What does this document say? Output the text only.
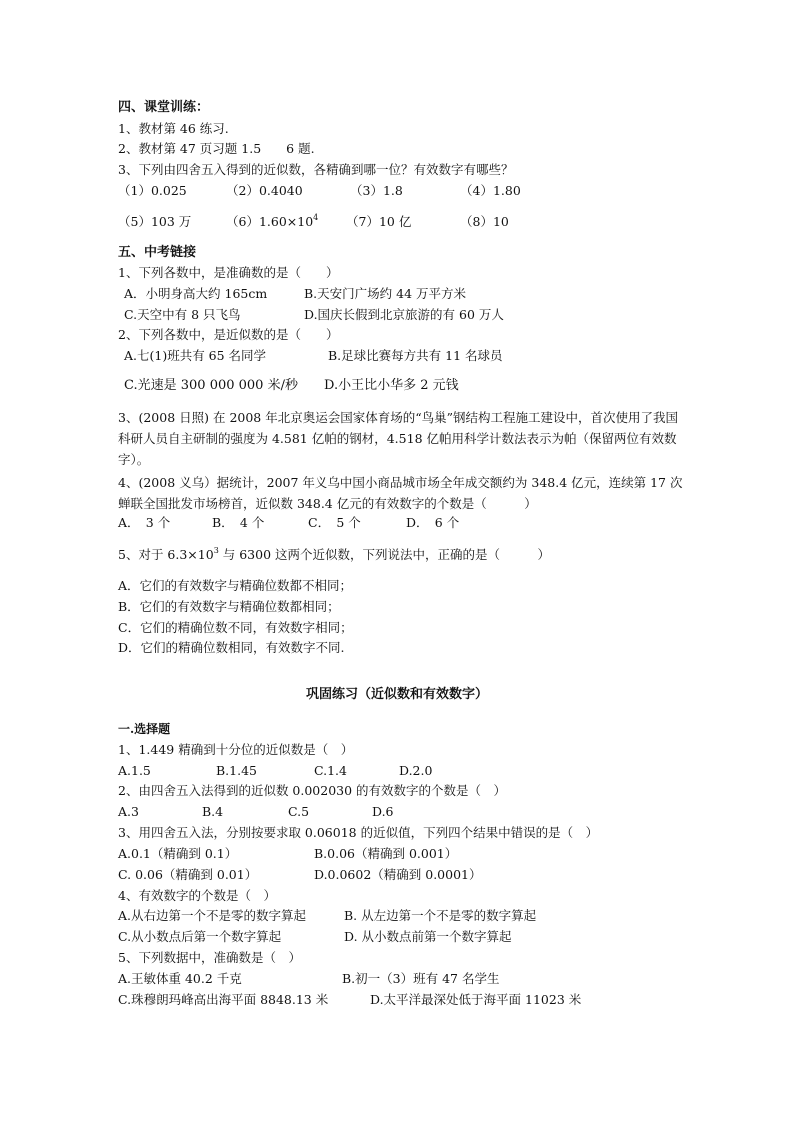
四、课堂训练：
1、教材第 46 练习.
2、教材第 47 页习题 1.5　　6 题.
3、下列由四舍五入得到的近似数，各精确到哪一位？有效数字有哪些？
（1）0.025	（2）0.4040	（3）1.8	（4）1.80
（5）103 万	$(6)1.60\times 10^4$ （7）10 亿	（8）10
五、中考链接
1、下列各数中，是准确数的是（　　）
A．小明身高大约 165cm	B.天安门广场约 44 万平方米
C.天空中有 8 只飞鸟	D.国庆长假到北京旅游的有 60 万人
2、下列各数中，是近似数的是（　　）
A.七(1)班共有 65 名同学	B.足球比赛每方共有 11 名球员
C.光速是 300 000 000 米/秒 D.小王比小华多 2 元钱
3、(2008 日照) 在 2008 年北京奥运会国家体育场的“鸟巢”钢结构工程施工建设中，首次使用了我国科研人员自主研制的强度为 4.581 亿帕的钢材，4.518 亿帕用科学计数法表示为帕（保留两位有效数字）。
4、(2008 义乌）据统计，2007 年义乌中国小商品城市场全年成交额约为 348.4 亿元，连续第 17 次蝉联全国批发市场榜首，近似数 348.4 亿元的有效数字的个数是（　　　）
A．　3 个	B．　4 个	C．　5 个	D．　6 个
5、对于 $6.3\times 10^3$ 与 6300 这两个近似数，下列说法中，正确的是（　　　）
A．它们的有效数字与精确位数都不相同；
B．它们的有效数字与精确位数都相同；
C．它们的精确位数不同，有效数字相同；
D．它们的精确位数相同，有效数字不同.
巩固练习（近似数和有效数字）
一.选择题
1、1.449 精确到十分位的近似数是（　）
A.1.5	B.1.45	C.1.4	D.2.0
2、由四舍五入法得到的近似数 0.002030 的有效数字的个数是（　）
A.3	B.4	C.5	D.6
3、用四舍五入法，分别按要求取 0.06018 的近似值，下列四个结果中错误的是（　）
A.0.1（精确到 0.1）	B.0.06（精确到 0.001）
C. 0.06（精确到 0.01）	D.0.0602（精确到 0.0001）
4、有效数字的个数是（　）
A.从右边第一个不是零的数字算起	B. 从左边第一个不是零的数字算起
C.从小数点后第一个数字算起	D. 从小数点前第一个数字算起
5、下列数据中，准确数是（　）
A.王敏体重 40.2 千克	B.初一（3）班有 47 名学生
C.珠穆朗玛峰高出海平面 8848.13 米	D.太平洋最深处低于海平面 11023 米
